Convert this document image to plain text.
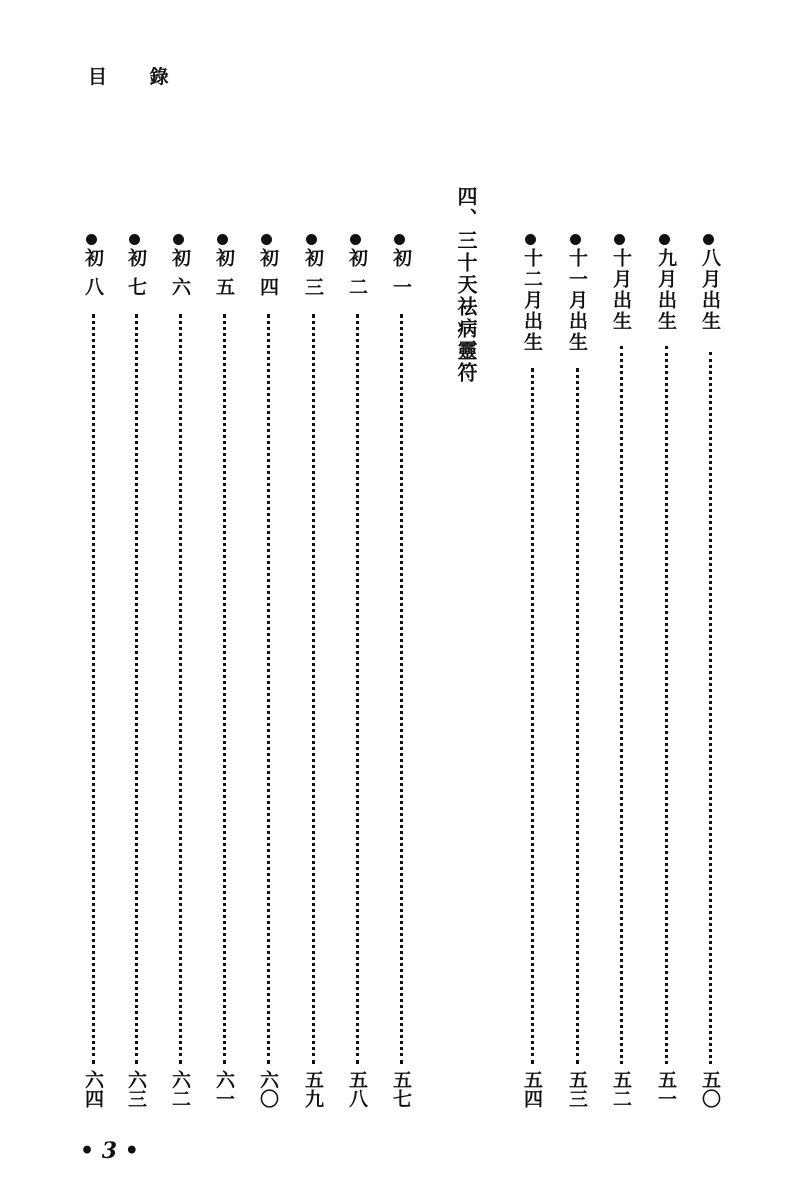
目 錄
八月出生
五〇
九月出生
五一
十月出生
五二
十一月出生
五三
十二月出生
五四
四、三十天祛病靈符
初一
五七
初二
五八
初三
五九
初四
六〇
初五
六一
初六
六二
初七
六三
初八
六四
• 3 •
